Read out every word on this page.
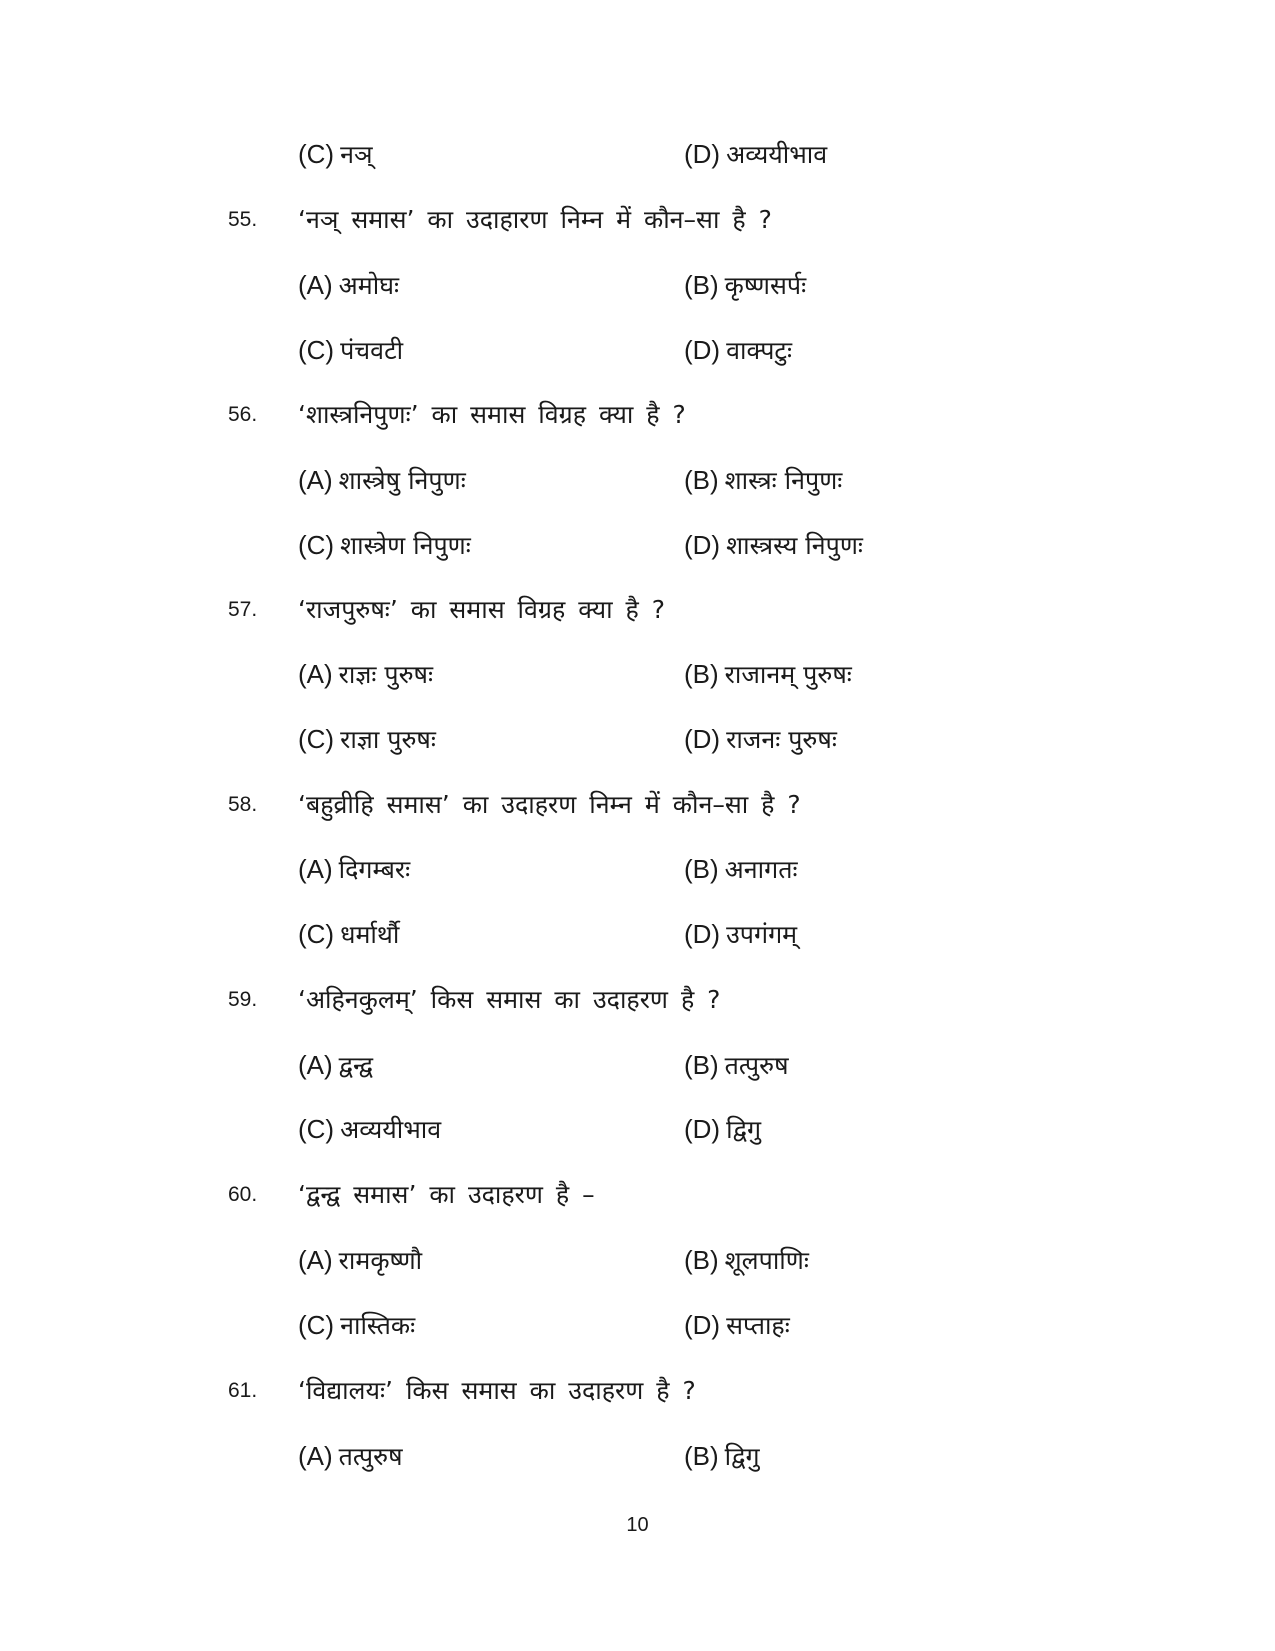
(C) नञ्	(D) अव्ययीभाव
55.	‘नञ् समास’ का उदाहारण निम्न में कौन–सा है ?
(A) अमोघः	(B) कृष्णसर्पः
(C) पंचवटी	(D) वाक्पटुः
56.	‘शास्त्रनिपुणः’ का समास विग्रह क्या है ?
(A) शास्त्रेषु निपुणः	(B) शास्त्रः निपुणः
(C) शास्त्रेण निपुणः	(D) शास्त्रस्य निपुणः
57.	‘राजपुरुषः’ का समास विग्रह क्या है ?
(A) राज्ञः पुरुषः	(B) राजानम् पुरुषः
(C) राज्ञा पुरुषः	(D) राजनः पुरुषः
58.	‘बहुव्रीहि समास’ का उदाहरण निम्न में कौन–सा है ?
(A) दिगम्बरः	(B) अनागतः
(C) धर्मार्थौ	(D) उपगंगम्
59.	‘अहिनकुलम्’ किस समास का उदाहरण है ?
(A) द्वन्द्व	(B) तत्पुरुष
(C) अव्ययीभाव	(D) द्विगु
60.	‘द्वन्द्व समास’ का उदाहरण है –
(A) रामकृष्णौ	(B) शूलपाणिः
(C) नास्तिकः	(D) सप्ताहः
61.	‘विद्यालयः’ किस समास का उदाहरण है ?
(A) तत्पुरुष	(B) द्विगु
10
